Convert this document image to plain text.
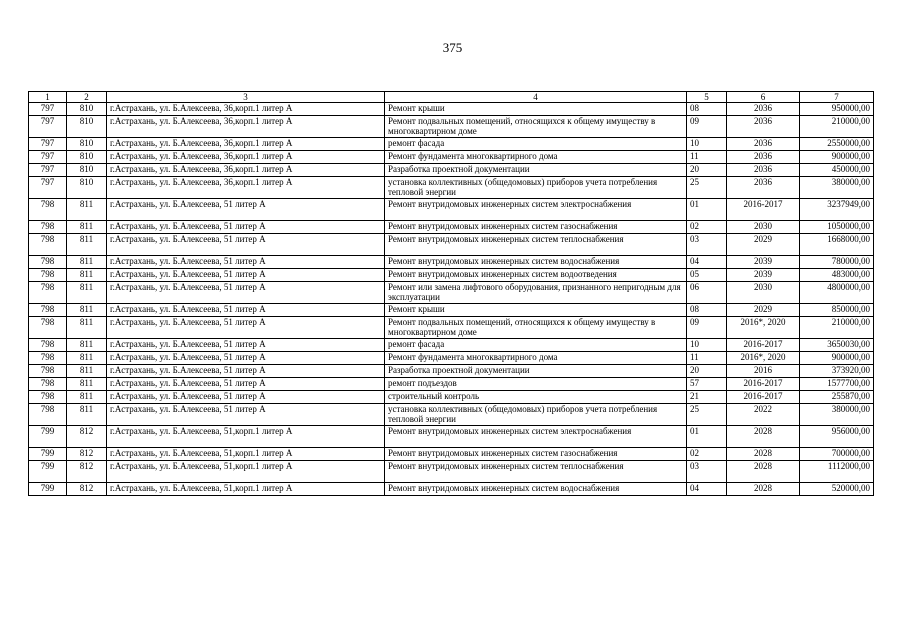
375
1	2	3	4	5	6	7
797	810	г.Астрахань, ул. Б.Алексеева, 36,корп.1 литер А	Ремонт крыши	08	2036	950000,00
797	810	г.Астрахань, ул. Б.Алексеева, 36,корп.1 литер А	Ремонт подвальных помещений, относящихся к общему имуществу в многоквартирном доме	09	2036	210000,00
797	810	г.Астрахань, ул. Б.Алексеева, 36,корп.1 литер А	ремонт фасада	10	2036	2550000,00
797	810	г.Астрахань, ул. Б.Алексеева, 36,корп.1 литер А	Ремонт фундамента многоквартирного дома	11	2036	900000,00
797	810	г.Астрахань, ул. Б.Алексеева, 36,корп.1 литер А	Разработка проектной документации	20	2036	450000,00
797	810	г.Астрахань, ул. Б.Алексеева, 36,корп.1 литер А	установка коллективных (общедомовых) приборов учета потребления тепловой энергии	25	2036	380000,00
798	811	г.Астрахань, ул. Б.Алексеева, 51 литер А	Ремонт внутридомовых инженерных систем электроснабжения	01	2016-2017	3237949,00
798	811	г.Астрахань, ул. Б.Алексеева, 51 литер А	Ремонт внутридомовых инженерных систем газоснабжения	02	2030	1050000,00
798	811	г.Астрахань, ул. Б.Алексеева, 51 литер А	Ремонт внутридомовых инженерных систем теплоснабжения	03	2029	1668000,00
798	811	г.Астрахань, ул. Б.Алексеева, 51 литер А	Ремонт внутридомовых инженерных систем водоснабжения	04	2039	780000,00
798	811	г.Астрахань, ул. Б.Алексеева, 51 литер А	Ремонт внутридомовых инженерных систем водоотведения	05	2039	483000,00
798	811	г.Астрахань, ул. Б.Алексеева, 51 литер А	Ремонт или замена лифтового оборудования, признанного непригодным для эксплуатации	06	2030	4800000,00
798	811	г.Астрахань, ул. Б.Алексеева, 51 литер А	Ремонт крыши	08	2029	850000,00
798	811	г.Астрахань, ул. Б.Алексеева, 51 литер А	Ремонт подвальных помещений, относящихся к общему имуществу в многоквартирном доме	09	2016*, 2020	210000,00
798	811	г.Астрахань, ул. Б.Алексеева, 51 литер А	ремонт фасада	10	2016-2017	3650030,00
798	811	г.Астрахань, ул. Б.Алексеева, 51 литер А	Ремонт фундамента многоквартирного дома	11	2016*, 2020	900000,00
798	811	г.Астрахань, ул. Б.Алексеева, 51 литер А	Разработка проектной документации	20	2016	373920,00
798	811	г.Астрахань, ул. Б.Алексеева, 51 литер А	ремонт подъездов	57	2016-2017	1577700,00
798	811	г.Астрахань, ул. Б.Алексеева, 51 литер А	строительный контроль	21	2016-2017	255870,00
798	811	г.Астрахань, ул. Б.Алексеева, 51 литер А	установка коллективных (общедомовых) приборов учета потребления тепловой энергии	25	2022	380000,00
799	812	г.Астрахань, ул. Б.Алексеева, 51,корп.1 литер А	Ремонт внутридомовых инженерных систем электроснабжения	01	2028	956000,00
799	812	г.Астрахань, ул. Б.Алексеева, 51,корп.1 литер А	Ремонт внутридомовых инженерных систем газоснабжения	02	2028	700000,00
799	812	г.Астрахань, ул. Б.Алексеева, 51,корп.1 литер А	Ремонт внутридомовых инженерных систем теплоснабжения	03	2028	1112000,00
799	812	г.Астрахань, ул. Б.Алексеева, 51,корп.1 литер А	Ремонт внутридомовых инженерных систем водоснабжения	04	2028	520000,00
